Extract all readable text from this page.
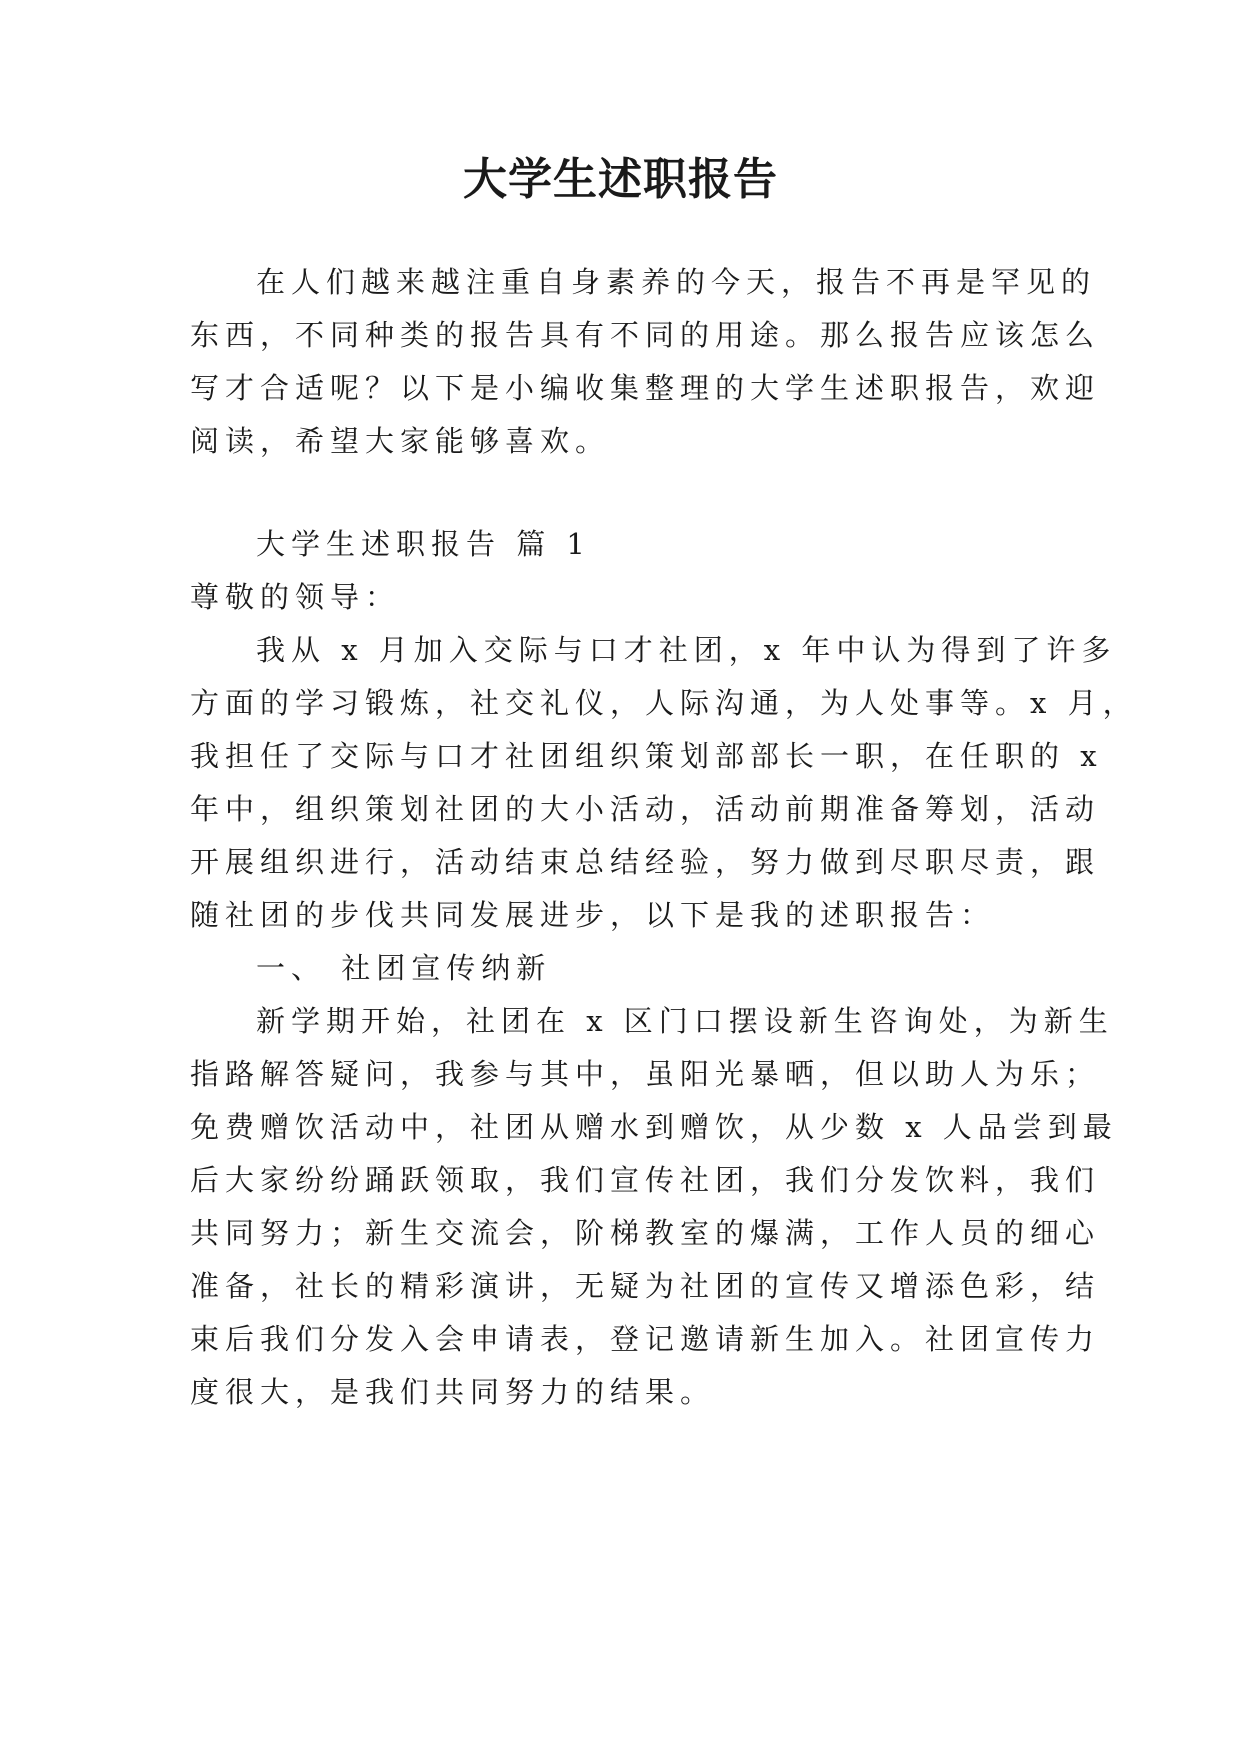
大学生述职报告
在人们越来越注重自身素养的今天，报告不再是罕见的
东西，不同种类的报告具有不同的用途。那么报告应该怎么
写才合适呢？以下是小编收集整理的大学生述职报告，欢迎
阅读，希望大家能够喜欢。
大学生述职报告 篇 1
尊敬的领导：
我从 x 月加入交际与口才社团，x 年中认为得到了许多
方面的学习锻炼，社交礼仪，人际沟通，为人处事等。x 月，
我担任了交际与口才社团组织策划部部长一职，在任职的 x
年中，组织策划社团的大小活动，活动前期准备筹划，活动
开展组织进行，活动结束总结经验，努力做到尽职尽责，跟
随社团的步伐共同发展进步，以下是我的述职报告：
一、 社团宣传纳新
新学期开始，社团在 x 区门口摆设新生咨询处，为新生
指路解答疑问，我参与其中，虽阳光暴晒，但以助人为乐；
免费赠饮活动中，社团从赠水到赠饮，从少数 x 人品尝到最
后大家纷纷踊跃领取，我们宣传社团，我们分发饮料，我们
共同努力；新生交流会，阶梯教室的爆满，工作人员的细心
准备，社长的精彩演讲，无疑为社团的宣传又增添色彩，结
束后我们分发入会申请表，登记邀请新生加入。社团宣传力
度很大，是我们共同努力的结果。
